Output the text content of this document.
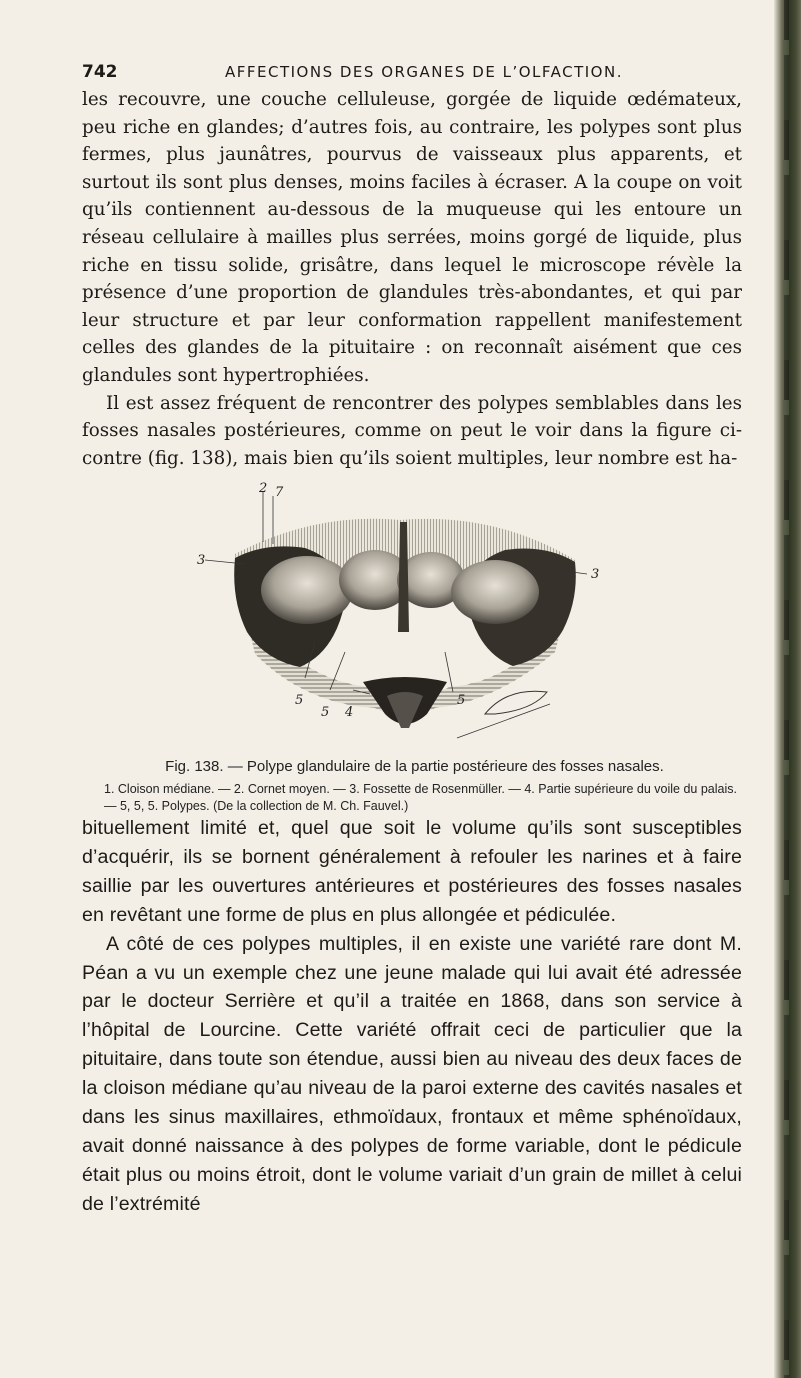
742	AFFECTIONS DES ORGANES DE L’OLFACTION.

les recouvre, une couche celluleuse, gorgée de liquide œdémateux, peu riche en glandes; d’autres fois, au contraire, les polypes sont plus fermes, plus jaunâtres, pourvus de vaisseaux plus apparents, et surtout ils sont plus denses, moins faciles à écraser. A la coupe on voit qu’ils contiennent au-dessous de la muqueuse qui les entoure un réseau cellulaire à mailles plus serrées, moins gorgé de liquide, plus riche en tissu solide, grisâtre, dans lequel le microscope révèle la présence d’une proportion de glandules très-abondantes, et qui par leur structure et par leur conformation rappellent manifestement celles des glandes de la pituitaire : on reconnaît aisément que ces glandules sont hypertrophiées.

Il est assez fréquent de rencontrer des polypes semblables dans les fosses nasales postérieures, comme on peut le voir dans la figure ci-contre (fig. 138), mais bien qu’ils soient multiples, leur nombre est ha-

2 7
3
3
5
5 4
5

Fig. 138. — Polype glandulaire de la partie postérieure des fosses nasales.

1. Cloison médiane. — 2. Cornet moyen. — 3. Fossette de Rosenmüller. — 4. Partie supérieure du voile du palais. — 5, 5, 5. Polypes. (De la collection de M. Ch. Fauvel.)

bituellement limité et, quel que soit le volume qu’ils sont susceptibles d’acquérir, ils se bornent généralement à refouler les narines et à faire saillie par les ouvertures antérieures et postérieures des fosses nasales en revêtant une forme de plus en plus allongée et pédiculée.

A côté de ces polypes multiples, il en existe une variété rare dont M. Péan a vu un exemple chez une jeune malade qui lui avait été adressée par le docteur Serrière et qu’il a traitée en 1868, dans son service à l’hôpital de Lourcine. Cette variété offrait ceci de particulier que la pituitaire, dans toute son étendue, aussi bien au niveau des deux faces de la cloison médiane qu’au niveau de la paroi externe des cavités nasales et dans les sinus maxillaires, ethmoïdaux, frontaux et même sphénoïdaux, avait donné naissance à des polypes de forme variable, dont le pédicule était plus ou moins étroit, dont le volume variait d’un grain de millet à celui de l’extrémité
